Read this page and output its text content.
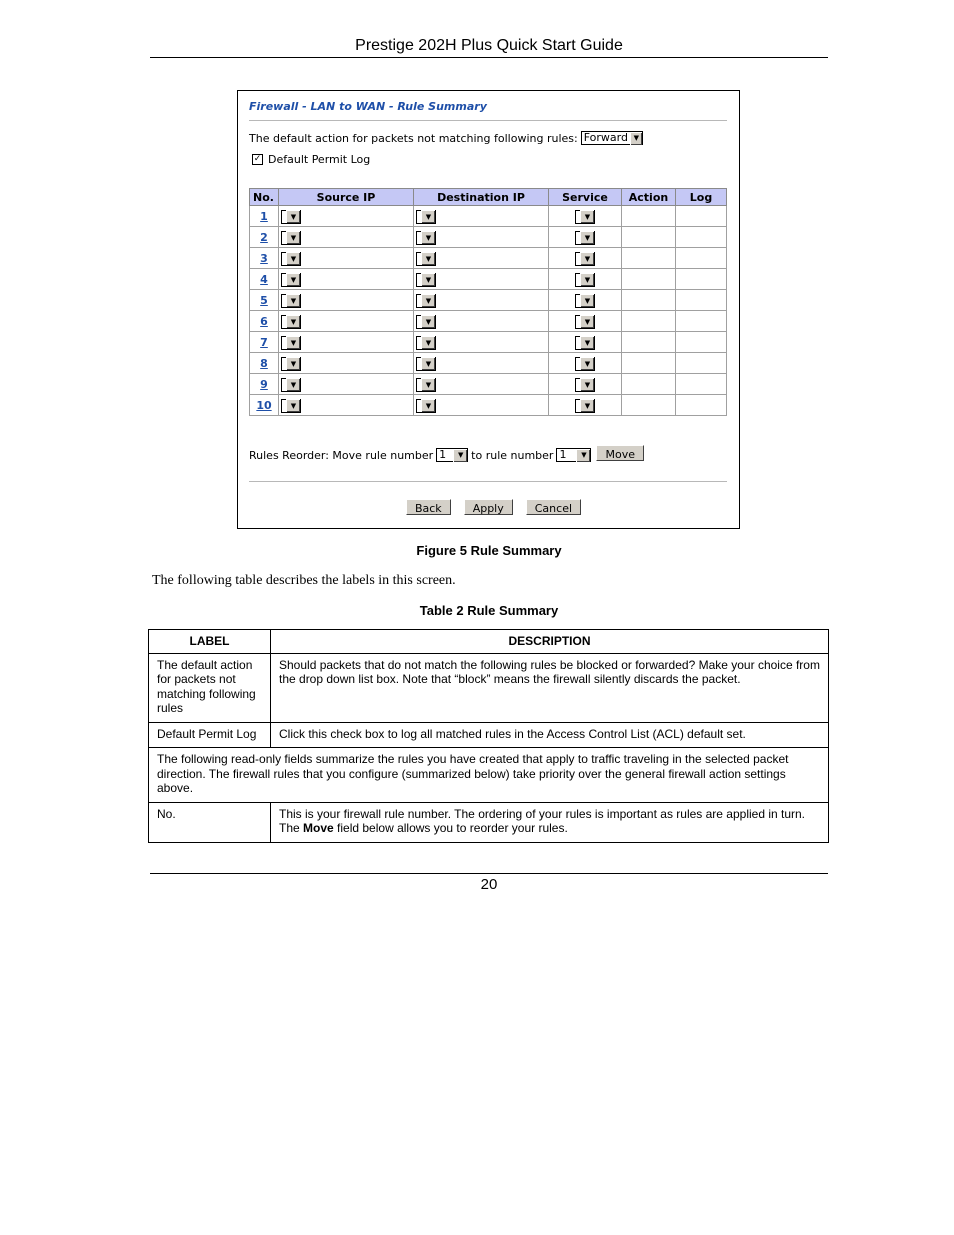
Prestige 202H Plus Quick Start Guide
Firewall - LAN to WAN - Rule Summary
The default action for packets not matching following rules: Forward ▼
✓ Default Permit Log
No.	Source IP	Destination IP	Service	Action	Log
1	▼	▼	▼		

2	▼	▼	▼		

3	▼	▼	▼		

4	▼	▼	▼		

5	▼	▼	▼		

6	▼	▼	▼		

7	▼	▼	▼		

8	▼	▼	▼		

9	▼	▼	▼		

10	▼	▼	▼		

Rules Reorder: Move rule number 1	▼ to rule number 1	▼	Move
Back	Apply	Cancel
Figure 5 Rule Summary
The following table describes the labels in this screen.
Table 2 Rule Summary
LABEL	DESCRIPTION
The default action for packets not matching following rules	Should packets that do not match the following rules be blocked or forwarded? Make your choice from the drop down list box. Note that “block” means the firewall silently discards the packet.
Default Permit Log	Click this check box to log all matched rules in the Access Control List (ACL) default set.
The following read-only fields summarize the rules you have created that apply to traffic traveling in the selected packet direction. The firewall rules that you configure (summarized below) take priority over the general firewall action settings above.	
No.	This is your firewall rule number. The ordering of your rules is important as rules are applied in turn. The Move field below allows you to reorder your rules.
20
